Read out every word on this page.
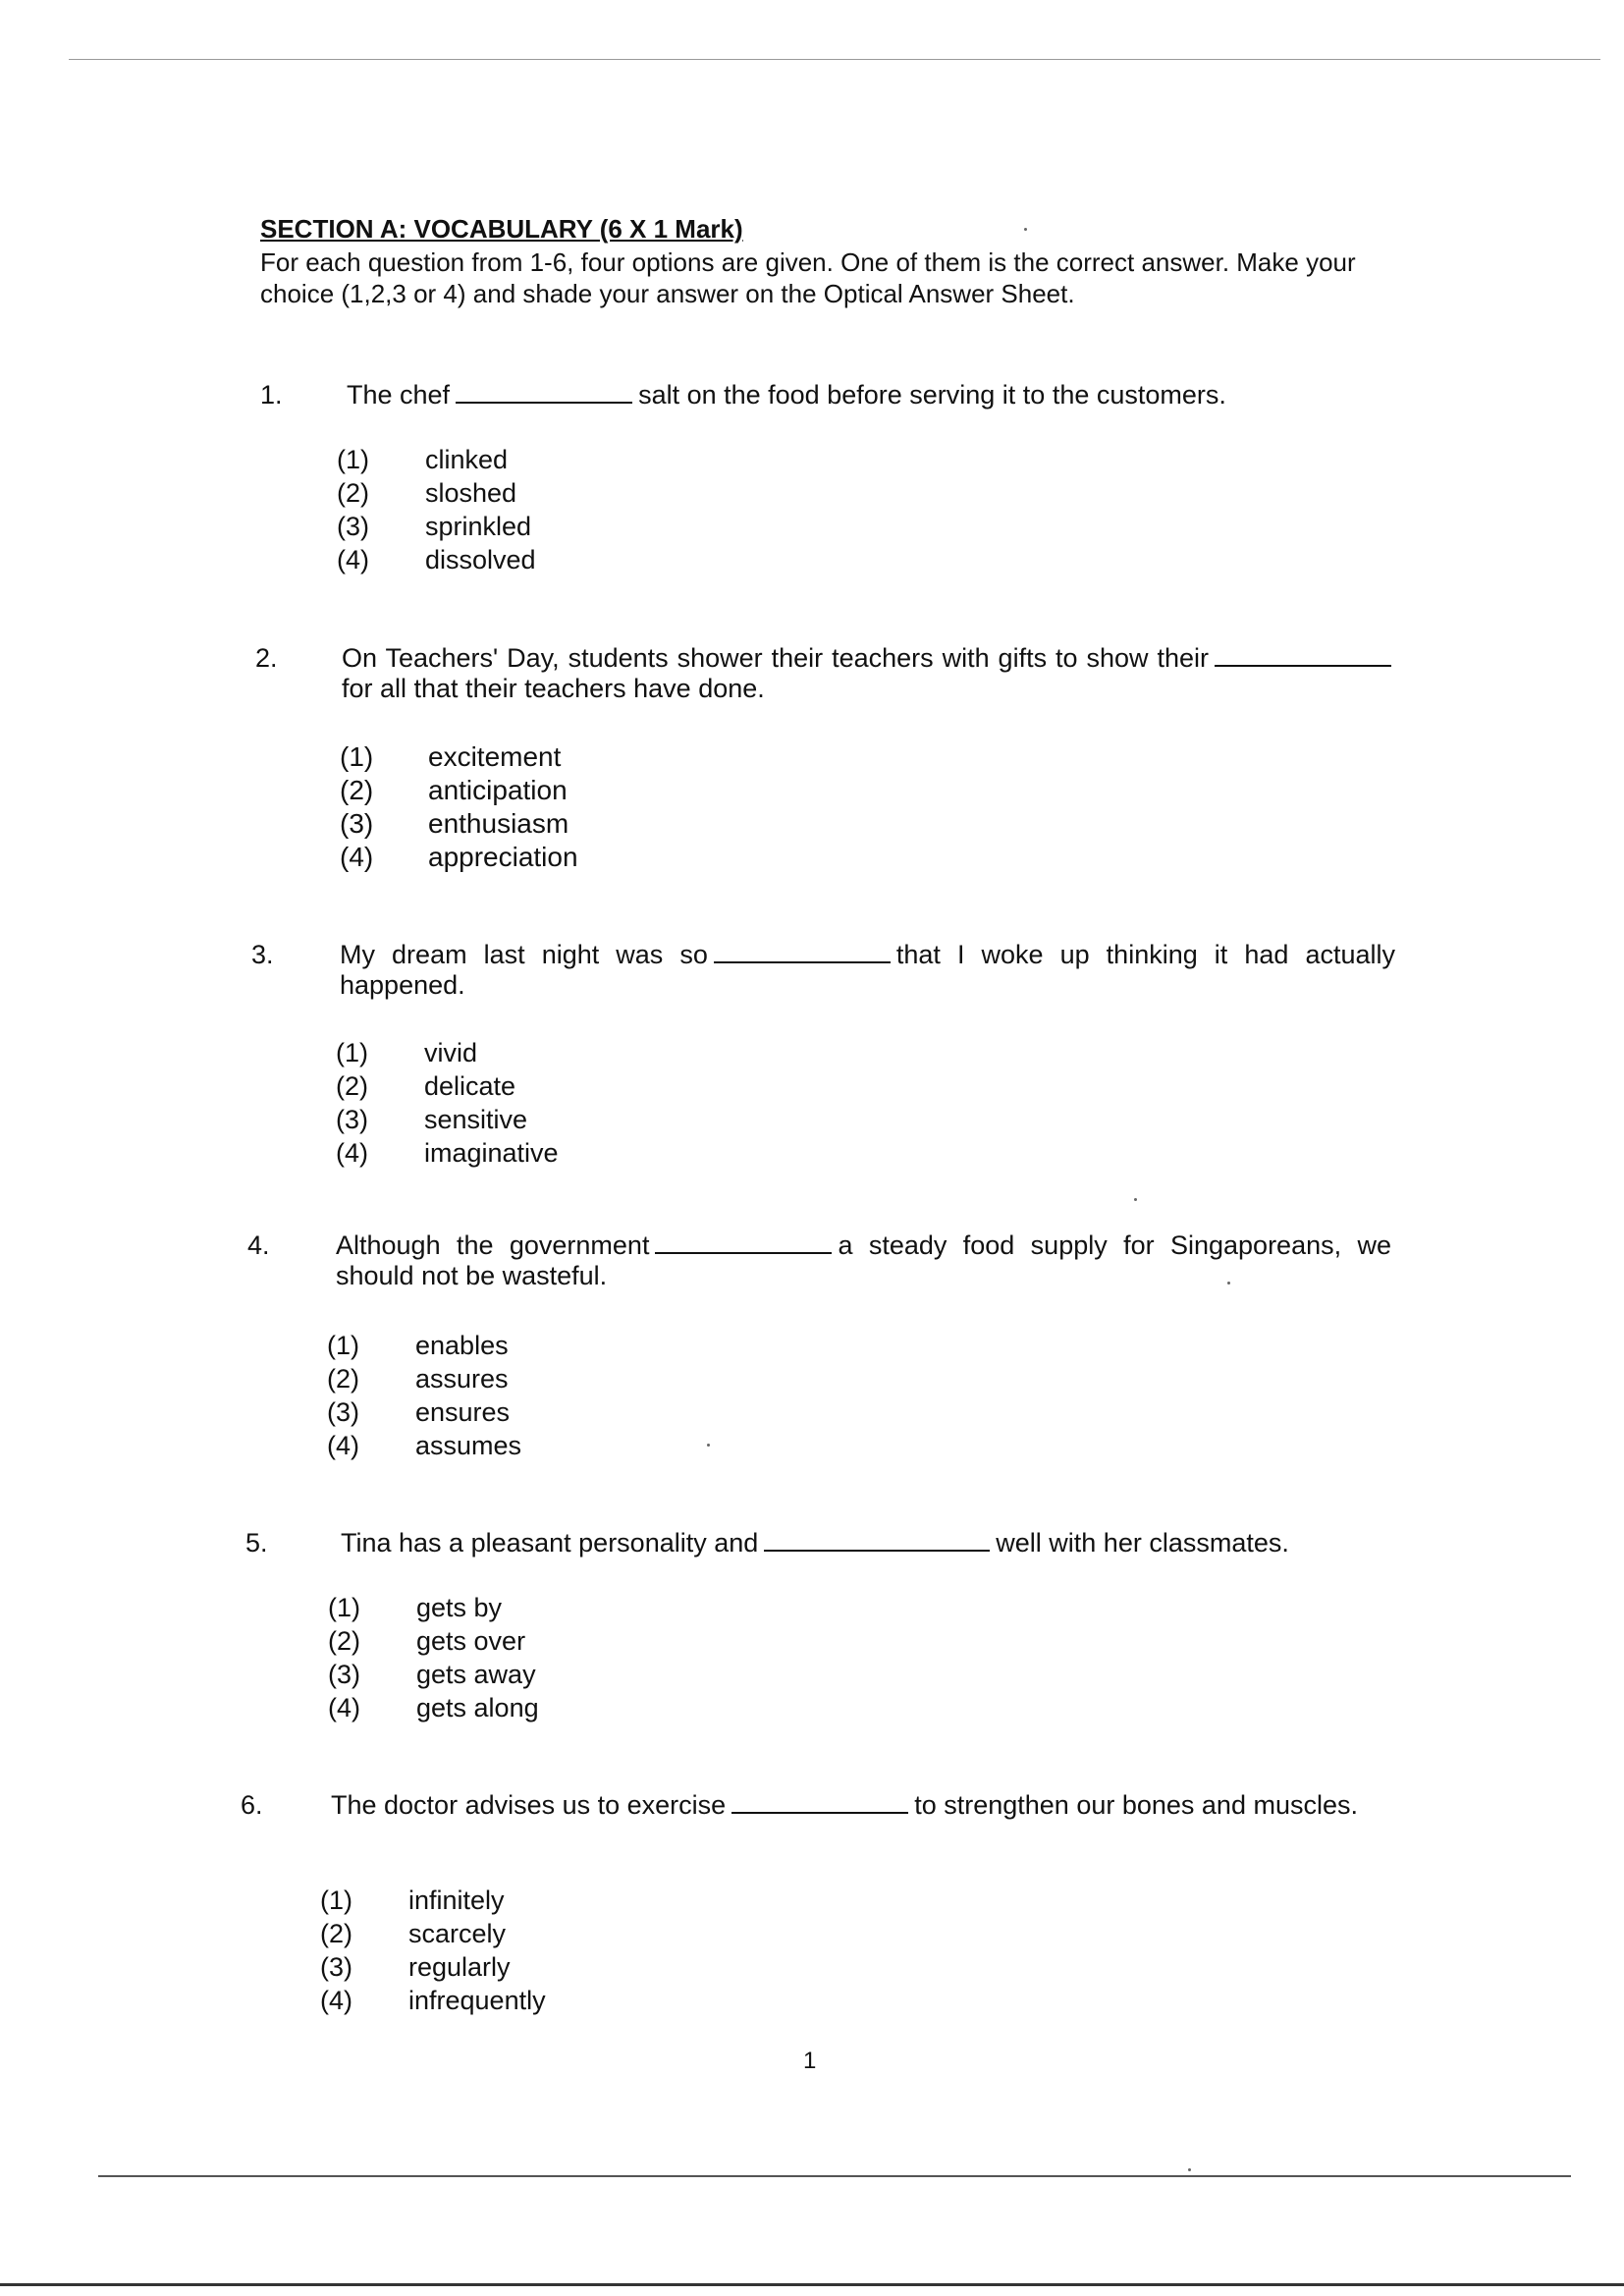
SECTION A: VOCABULARY (6 X 1 Mark)
For each question from 1-6, four options are given. One of them is the correct answer. Make your choice (1,2,3 or 4) and shade your answer on the Optical Answer Sheet.
1. The chef	salt on the food before serving it to the customers.
(1) clinked
(2) sloshed
(3) sprinkled
(4) dissolved
2. On Teachers' Day, students shower their teachers with gifts to show theirfor all that their teachers have done.
(1) excitement
(2) anticipation
(3) enthusiasm
(4) appreciation
3. My dream last night was so	that I woke up thinking it had actually happened.
(1) vivid
(2) delicate
(3) sensitive
(4) imaginative
4. Although the government	a steady food supply for Singaporeans, we should not be wasteful.
(1) enables
(2) assures
(3) ensures
(4) assumes
5.	Tina has a pleasant personality and	well with her classmates.
(1) gets by
(2) gets over
(3) gets away
(4) gets along
6.	The doctor advises us to exercise	to strengthen our bones and muscles.
(1) infinitely
(2) scarcely
(3) regularly
(4) infrequently
1
